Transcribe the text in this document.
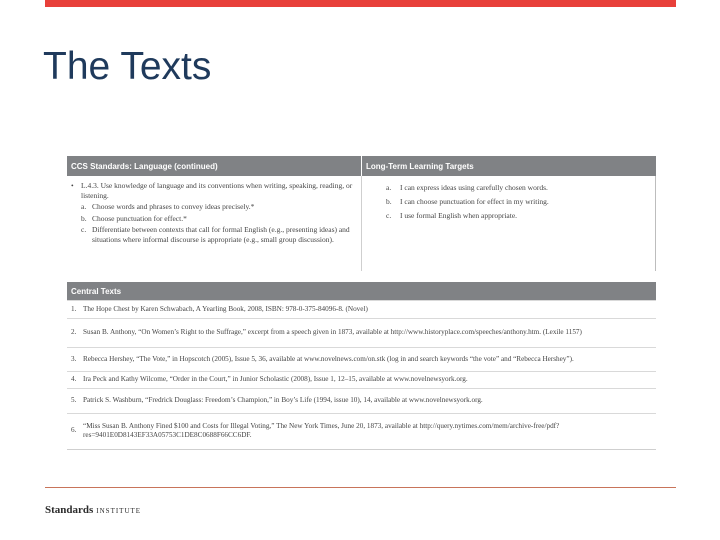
The Texts
CCS Standards: Language (continued)	Long-Term Learning Targets
• L.4.3. Use knowledge of language and its conventions when writing, speaking, reading, or listening.
a. Choose words and phrases to convey ideas precisely.*
b. Choose punctuation for effect.*
c. Differentiate between contexts that call for formal English (e.g., presenting ideas) and situations where informal discourse is appropriate (e.g., small group discussion).
a.	I can express ideas using carefully chosen words.
b.	I can choose punctuation for effect in my writing.
c.	I use formal English when appropriate.
Central Texts
1. The Hope Chest by Karen Schwabach, A Yearling Book, 2008, ISBN: 978-0-375-84096-8. (Novel)
2. Susan B. Anthony, “On Women’s Right to the Suffrage,” excerpt from a speech given in 1873, available at http://www.historyplace.com/speeches/anthony.htm. (Lexile 1157)
3. Rebecca Hershey, “The Vote,” in Hopscotch (2005), Issue 5, 36, available at www.novelnews.com/on.stk (log in and search keywords “the vote” and “Rebecca Hershey”).
4. Ira Peck and Kathy Wilcome, “Order in the Court,” in Junior Scholastic (2008), Issue 1, 12–15, available at www.novelnewsyork.org.
5. Patrick S. Washburn, “Fredrick Douglass: Freedom’s Champion,” in Boy’s Life (1994, issue 10), 14, available at www.novelnewsyork.org.
6.
“Miss Susan B. Anthony Fined $100 and Costs for Illegal Voting,” The New York Times, June 20, 1873, available at http://query.nytimes.com/mem/archive-free/pdf?res=9401E0D8143EF33A05753C1DE8C0688F66CC6DF.
Standards INSTITUTE
